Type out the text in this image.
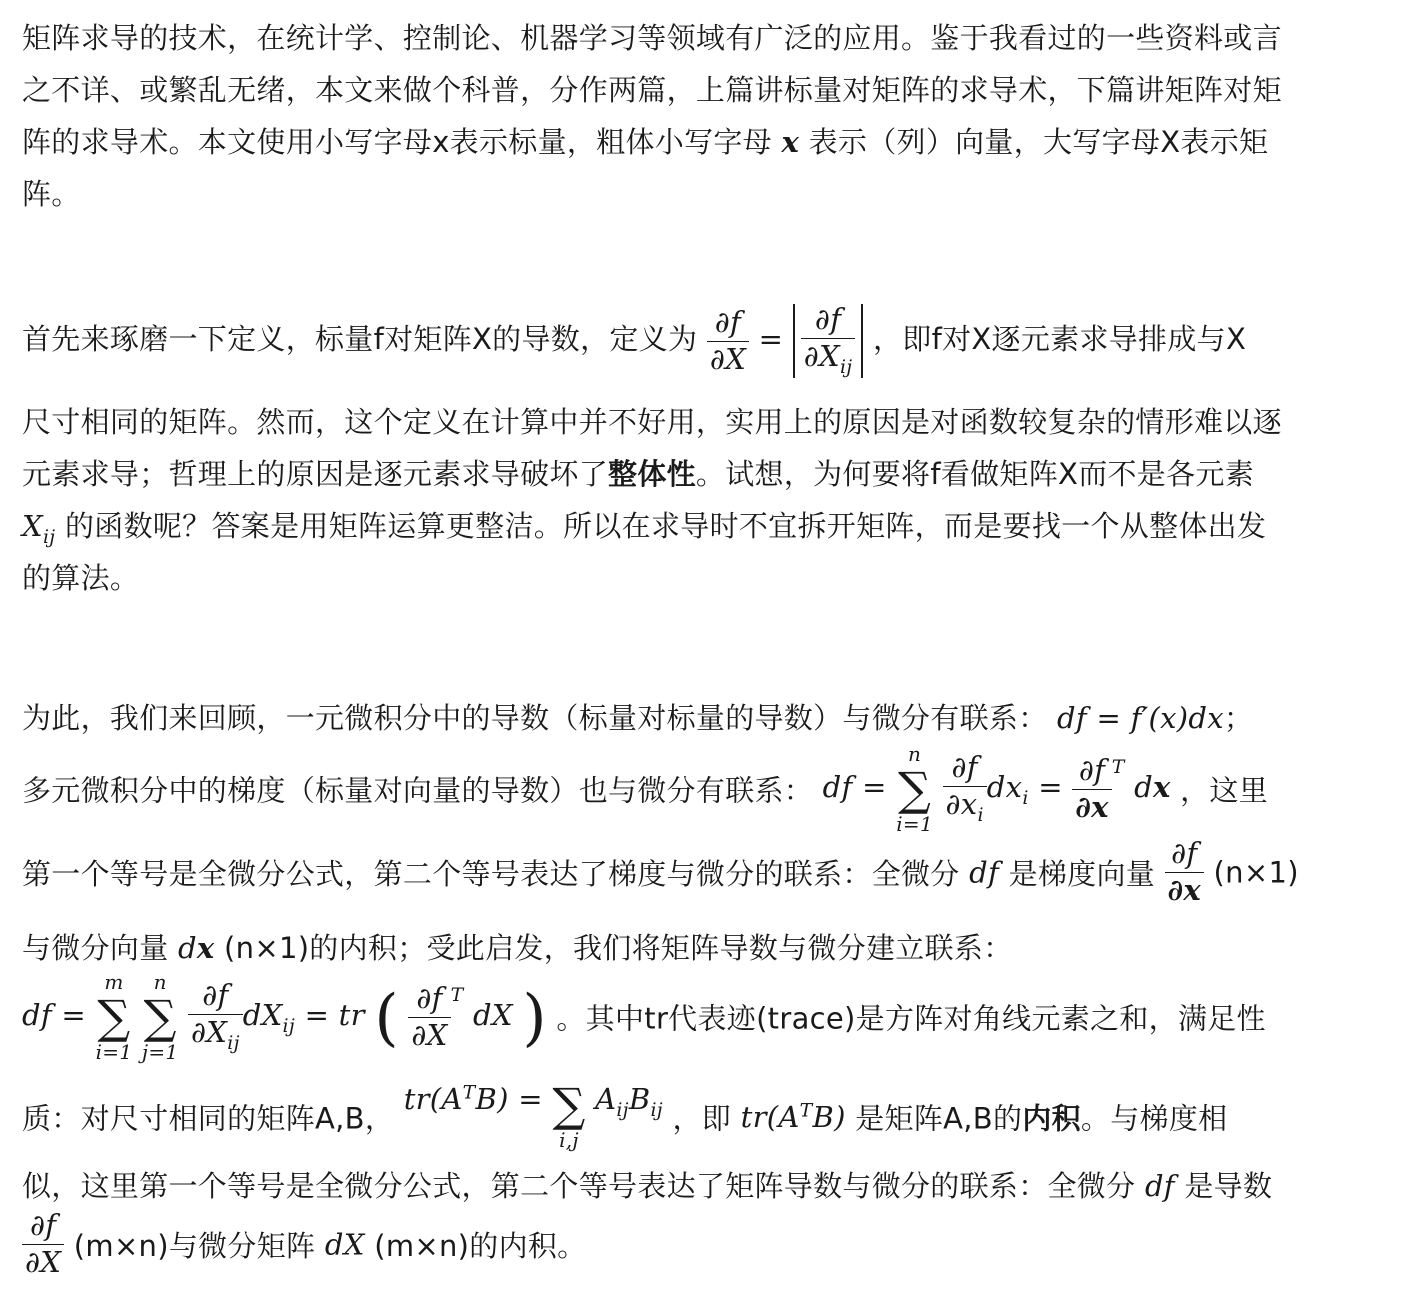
矩阵求导的技术，在统计学、控制论、机器学习等领域有广泛的应用。鉴于我看过的一些资料或言
之不详、或繁乱无绪，本文来做个科普，分作两篇，上篇讲标量对矩阵的求导术，下篇讲矩阵对矩
阵的求导术。本文使用小写字母x表示标量，粗体小写字母 x 表示（列）向量，大写字母X表示矩
阵。
首先来琢磨一下定义，标量f对矩阵X的导数，定义为 $\frac{\partial f}{\partial X} = \frac{\partial f}{\partial X_{ij}}$ ，即f对X逐元素求导排成与X
尺寸相同的矩阵。然而，这个定义在计算中并不好用，实用上的原因是对函数较复杂的情形难以逐
元素求导；哲理上的原因是逐元素求导破坏了整体性。试想，为何要将f看做矩阵X而不是各元素
$X_{ij}$ 的函数呢？答案是用矩阵运算更整洁。所以在求导时不宜拆开矩阵，而是要找一个从整体出发
的算法。
为此，我们来回顾，一元微积分中的导数（标量对标量的导数）与微分有联系： df = f′(x)dx；
多元微积分中的梯度（标量对向量的导数）也与微分有联系： df =
n
∑
i=1
$\frac{\partial f}{\partial x_i} dx_i = \frac{\partial f}{\partial x} ^T$ dx ，这里
第一个等号是全微分公式，第二个等号表达了梯度与微分的联系：全微分 df 是梯度向量 $\frac{\partial f}{\partial x} (n\times 1)$
与微分向量 dx (n×1)的内积；受此启发，我们将矩阵导数与微分建立联系：
df =
m
∑
i=1

n
∑
j=1
$\frac{\partial f}{\partial X_{ij}} dX_{ij}$ = tr ( $\frac{\partial f}{\partial X} ^T$ dX ) 。其中tr代表迹(trace)是方阵对角线元素之和，满足性
质：对尺寸相同的矩阵A,B， $tr(A^TB)$ = ∑
i,j
$A_{ij}B_{ij}$ ，即 $tr(A^TB)$ 是矩阵A,B的内积。与梯度相
似，这里第一个等号是全微分公式，第二个等号表达了矩阵导数与微分的联系：全微分 df 是导数
$\frac{\partial f}{\partial X} (m\times n)$与微分矩阵 dX (m×n)的内积。
